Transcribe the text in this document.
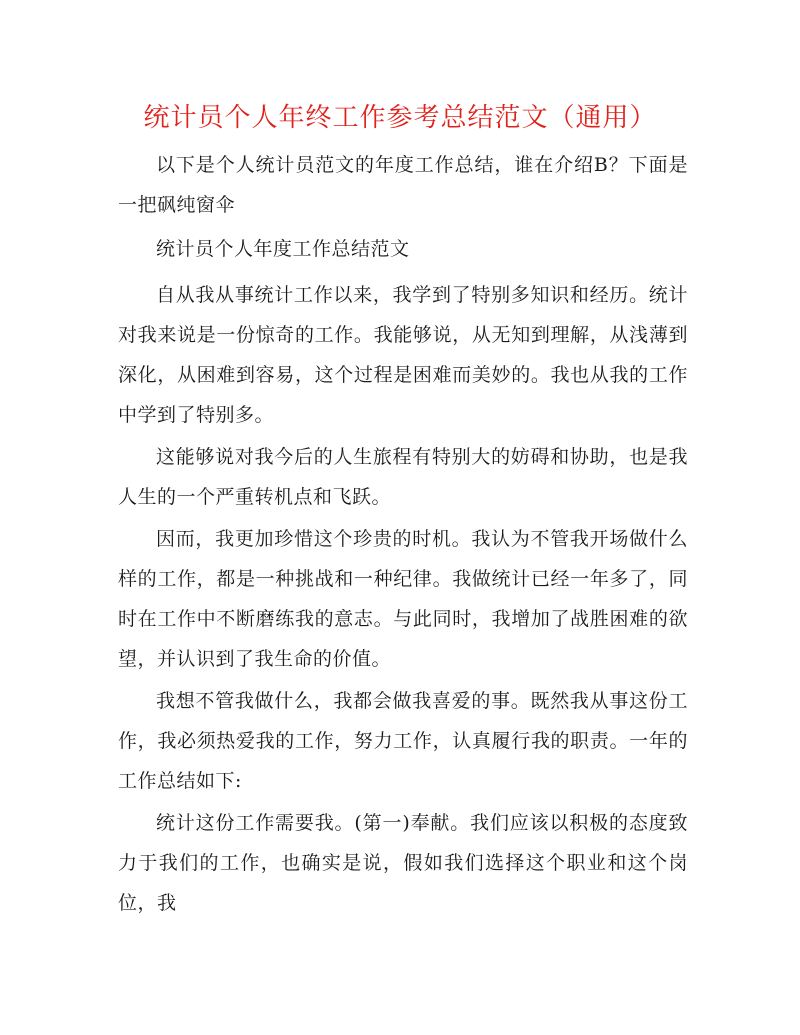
统计员个人年终工作参考总结范文（通用）

以下是个人统计员范文的年度工作总结，谁在介绍B？下面是一把砜纯窗伞

统计员个人年度工作总结范文

自从我从事统计工作以来，我学到了特别多知识和经历。统计对我来说是一份惊奇的工作。我能够说，从无知到理解，从浅薄到深化，从困难到容易，这个过程是困难而美妙的。我也从我的工作中学到了特别多。

这能够说对我今后的人生旅程有特别大的妨碍和协助，也是我人生的一个严重转机点和飞跃。

因而，我更加珍惜这个珍贵的时机。我认为不管我开场做什么样的工作，都是一种挑战和一种纪律。我做统计已经一年多了，同时在工作中不断磨练我的意志。与此同时，我增加了战胜困难的欲望，并认识到了我生命的价值。

我想不管我做什么，我都会做我喜爱的事。既然我从事这份工作，我必须热爱我的工作，努力工作，认真履行我的职责。一年的工作总结如下:

统计这份工作需要我。(第一)奉献。我们应该以积极的态度致力于我们的工作，也确实是说，假如我们选择这个职业和这个岗位，我
